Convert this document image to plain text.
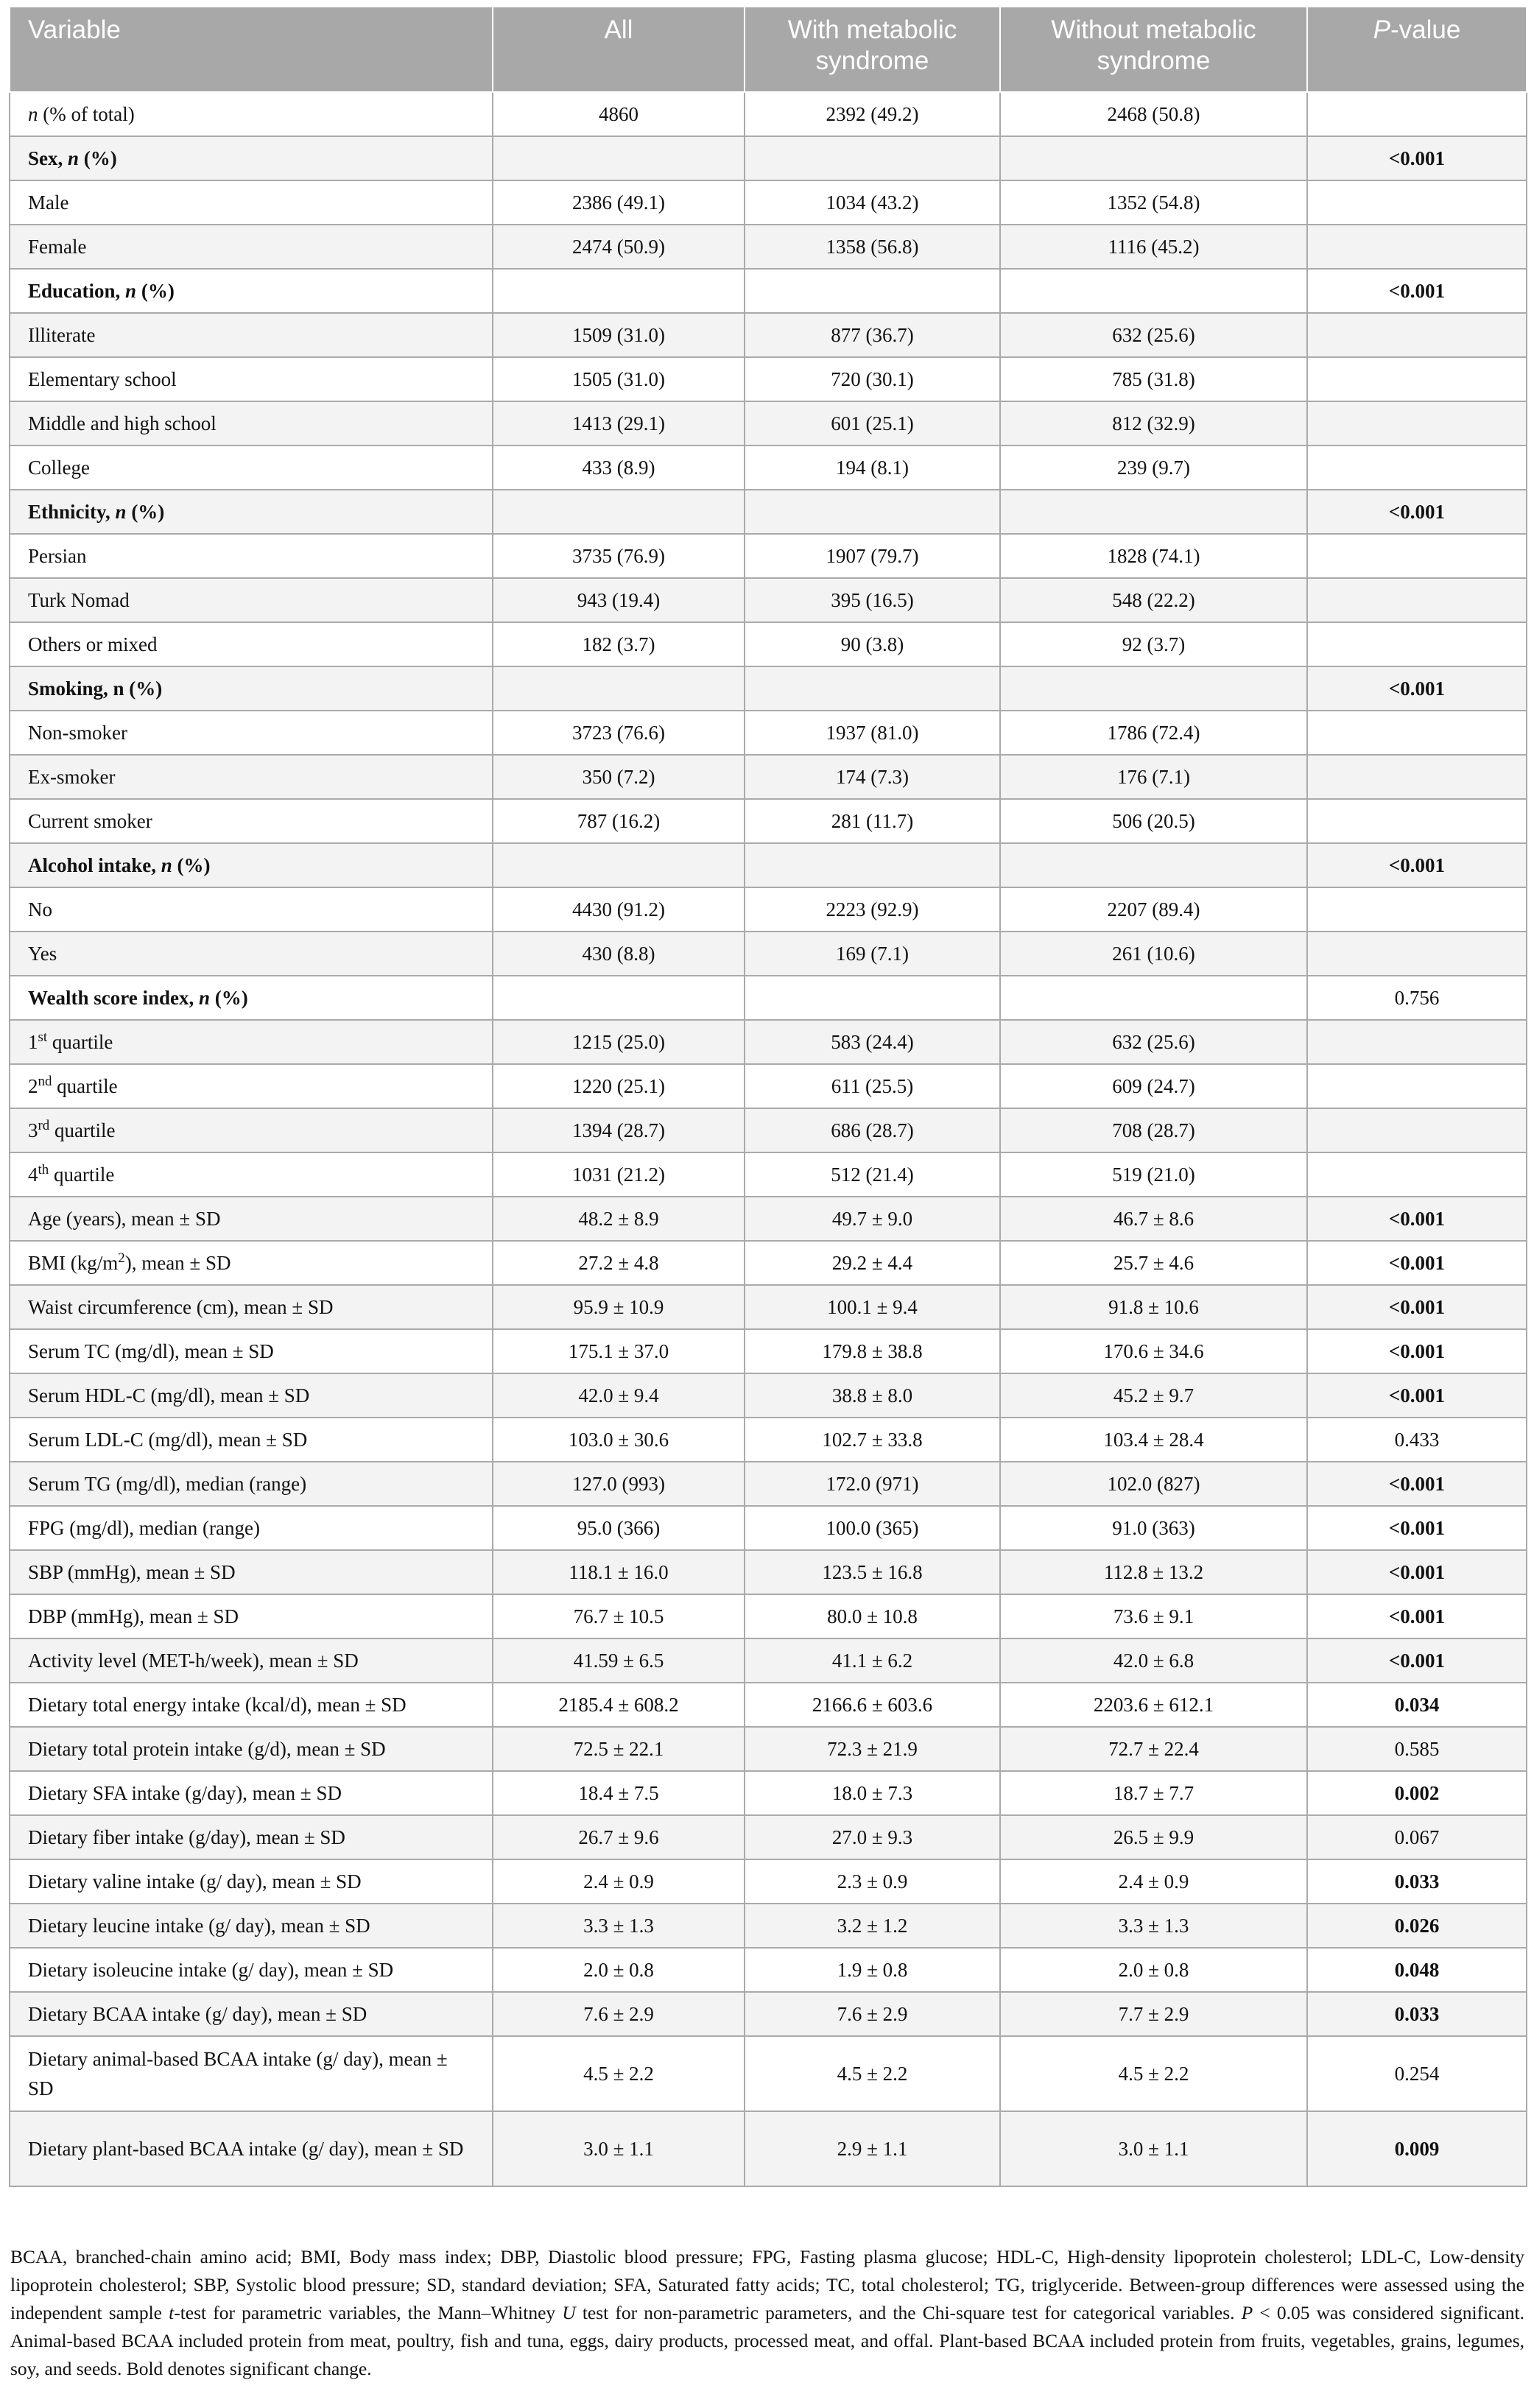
Variable	All	With metabolic syndrome	Without metabolic syndrome	P-value
n (% of total)	4860	2392 (49.2)	2468 (50.8)	
Sex, n (%)				<0.001
Male	2386 (49.1)	1034 (43.2)	1352 (54.8)	
Female	2474 (50.9)	1358 (56.8)	1116 (45.2)	
Education, n (%)				<0.001
Illiterate	1509 (31.0)	877 (36.7)	632 (25.6)	
Elementary school	1505 (31.0)	720 (30.1)	785 (31.8)	
Middle and high school	1413 (29.1)	601 (25.1)	812 (32.9)	
College	433 (8.9)	194 (8.1)	239 (9.7)	
Ethnicity, n (%)				<0.001
Persian	3735 (76.9)	1907 (79.7)	1828 (74.1)	
Turk Nomad	943 (19.4)	395 (16.5)	548 (22.2)	
Others or mixed	182 (3.7)	90 (3.8)	92 (3.7)	
Smoking, n (%)				<0.001
Non-smoker	3723 (76.6)	1937 (81.0)	1786 (72.4)	
Ex-smoker	350 (7.2)	174 (7.3)	176 (7.1)	
Current smoker	787 (16.2)	281 (11.7)	506 (20.5)	
Alcohol intake, n (%)				<0.001
No	4430 (91.2)	2223 (92.9)	2207 (89.4)	
Yes	430 (8.8)	169 (7.1)	261 (10.6)	
Wealth score index, n (%)				0.756
1st quartile	1215 (25.0)	583 (24.4)	632 (25.6)	
2nd quartile	1220 (25.1)	611 (25.5)	609 (24.7)	
3rd quartile	1394 (28.7)	686 (28.7)	708 (28.7)	
4th quartile	1031 (21.2)	512 (21.4)	519 (21.0)	
Age (years), mean ± SD	48.2 ± 8.9	49.7 ± 9.0	46.7 ± 8.6	<0.001
BMI $(kg/m^2)$, mean ± SD	27.2 ± 4.8	29.2 ± 4.4	25.7 ± 4.6	<0.001
Waist circumference (cm), mean ± SD	95.9 ± 10.9	100.1 ± 9.4	91.8 ± 10.6	<0.001
Serum TC (mg/dl), mean ± SD	175.1 ± 37.0	179.8 ± 38.8	170.6 ± 34.6	<0.001
Serum HDL-C (mg/dl), mean ± SD	42.0 ± 9.4	38.8 ± 8.0	45.2 ± 9.7	<0.001
Serum LDL-C (mg/dl), mean ± SD	103.0 ± 30.6	102.7 ± 33.8	103.4 ± 28.4	0.433
Serum TG (mg/dl), median (range)	127.0 (993)	172.0 (971)	102.0 (827)	<0.001
FPG (mg/dl), median (range)	95.0 (366)	100.0 (365)	91.0 (363)	<0.001
SBP (mmHg), mean ± SD	118.1 ± 16.0	123.5 ± 16.8	112.8 ± 13.2	<0.001
DBP (mmHg), mean ± SD	76.7 ± 10.5	80.0 ± 10.8	73.6 ± 9.1	<0.001
Activity level (MET-h/week), mean ± SD	41.59 ± 6.5	41.1 ± 6.2	42.0 ± 6.8	<0.001
Dietary total energy intake (kcal/d), mean ± SD	2185.4 ± 608.2	2166.6 ± 603.6	2203.6 ± 612.1	0.034
Dietary total protein intake (g/d), mean ± SD	72.5 ± 22.1	72.3 ± 21.9	72.7 ± 22.4	0.585
Dietary SFA intake (g/day), mean ± SD	18.4 ± 7.5	18.0 ± 7.3	18.7 ± 7.7	0.002
Dietary fiber intake (g/day), mean ± SD	26.7 ± 9.6	27.0 ± 9.3	26.5 ± 9.9	0.067
Dietary valine intake (g/ day), mean ± SD	2.4 ± 0.9	2.3 ± 0.9	2.4 ± 0.9	0.033
Dietary leucine intake (g/ day), mean ± SD	3.3 ± 1.3	3.2 ± 1.2	3.3 ± 1.3	0.026
Dietary isoleucine intake (g/ day), mean ± SD	2.0 ± 0.8	1.9 ± 0.8	2.0 ± 0.8	0.048
Dietary BCAA intake (g/ day), mean ± SD	7.6 ± 2.9	7.6 ± 2.9	7.7 ± 2.9	0.033
Dietary animal-based BCAA intake (g/ day), mean ± SD	4.5 ± 2.2	4.5 ± 2.2	4.5 ± 2.2	0.254
Dietary plant-based BCAA intake (g/ day), mean ± SD	3.0 ± 1.1	2.9 ± 1.1	3.0 ± 1.1	0.009
BCAA, branched-chain amino acid; BMI, Body mass index; DBP, Diastolic blood pressure; FPG, Fasting plasma glucose; HDL-C, High-density lipoprotein cholesterol; LDL-C, Low-density lipoprotein cholesterol; SBP, Systolic blood pressure; SD, standard deviation; SFA, Saturated fatty acids; TC, total cholesterol; TG, triglyceride. Between-group differences were assessed using the independent sample t-test for parametric variables, the Mann–Whitney U test for non-parametric parameters, and the Chi-square test for categorical variables. P < 0.05 was considered significant. Animal-based BCAA included protein from meat, poultry, fish and tuna, eggs, dairy products, processed meat, and offal. Plant-based BCAA included protein from fruits, vegetables, grains, legumes, soy, and seeds. Bold denotes significant change.
